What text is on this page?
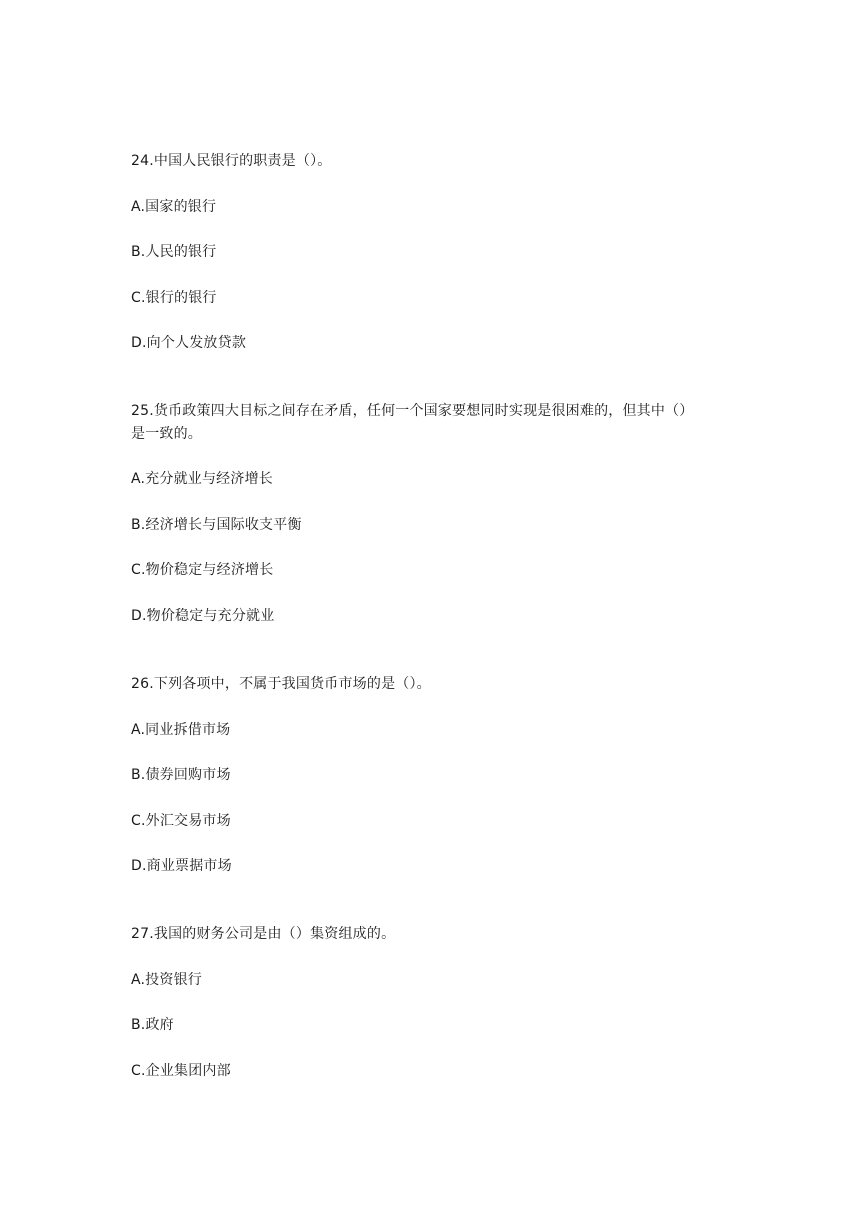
24.中国人民银行的职责是（）。
A.国家的银行
B.人民的银行
C.银行的银行
D.向个人发放贷款
25.货币政策四大目标之间存在矛盾，任何一个国家要想同时实现是很困难的，但其中（）
是一致的。
A.充分就业与经济增长
B.经济增长与国际收支平衡
C.物价稳定与经济增长
D.物价稳定与充分就业
26.下列各项中，不属于我国货币市场的是（）。
A.同业拆借市场
B.债券回购市场
C.外汇交易市场
D.商业票据市场
27.我国的财务公司是由（）集资组成的。
A.投资银行
B.政府
C.企业集团内部
